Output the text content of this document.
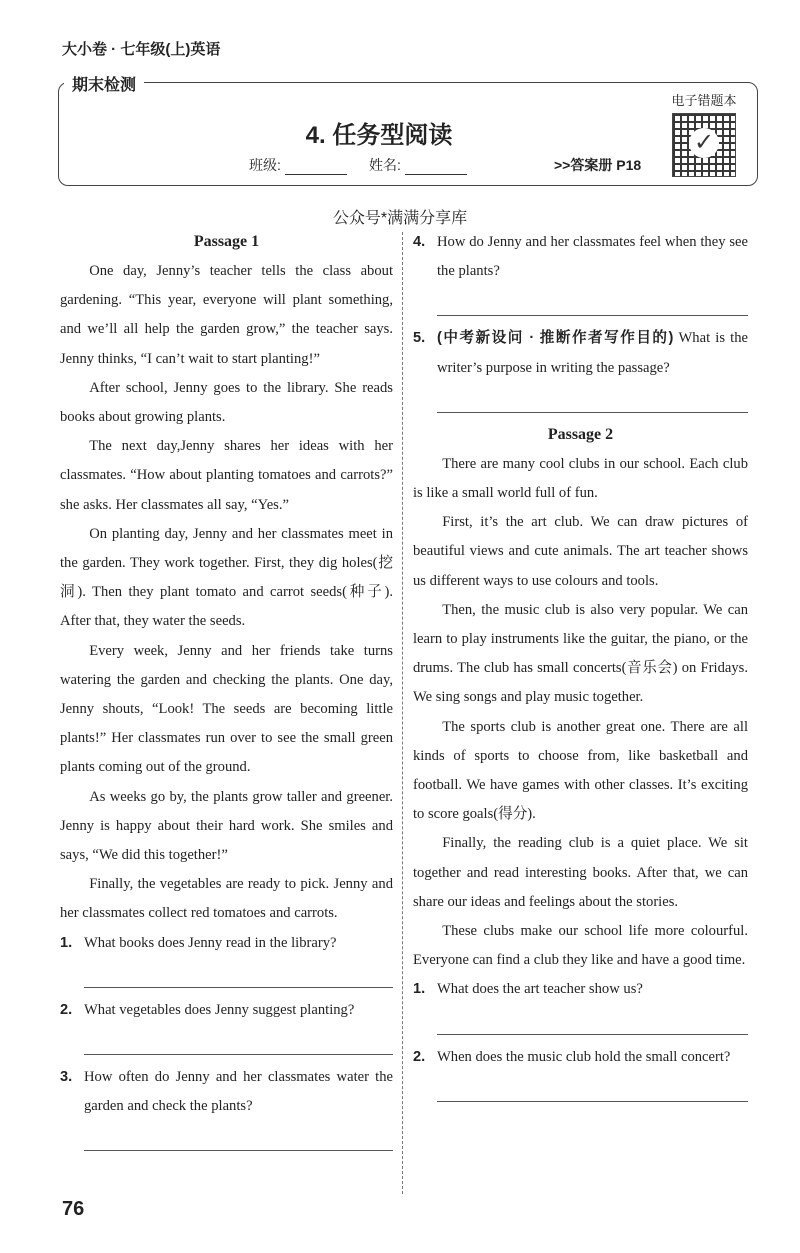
大小卷 · 七年级(上)英语
4. 任务型阅读
班级:	姓名:	>>答案册 P18
期末检测
电子错题本
✓
公众号*满满分享库
Passage 1

One day, Jenny’s teacher tells the class about gardening. “This year, everyone will plant something, and we’ll all help the garden grow,” the teacher says. Jenny thinks, “I can’t wait to start planting!”

After school, Jenny goes to the library. She reads books about growing plants.

The next day,Jenny shares her ideas with her classmates. “How about planting tomatoes and carrots?” she asks. Her classmates all say, “Yes.”

On planting day, Jenny and her classmates meet in the garden. They work together. First, they dig holes(挖洞). Then they plant tomato and carrot seeds(种子). After that, they water the seeds.

Every week, Jenny and her friends take turns watering the garden and checking the plants. One day, Jenny shouts, “Look! The seeds are becoming little plants!” Her classmates run over to see the small green plants coming out of the ground.

As weeks go by, the plants grow taller and greener. Jenny is happy about their hard work. She smiles and says, “We did this together!”

Finally, the vegetables are ready to pick. Jenny and her classmates collect red tomatoes and carrots.

1. What books does Jenny read in the library?
2. What vegetables does Jenny suggest planting?
3. How often do Jenny and her classmates water the garden and check the plants?
4. How do Jenny and her classmates feel when they see the plants?
5. (中考新设问 · 推断作者写作目的) What is the writer’s purpose in writing the passage?
Passage 2

There are many cool clubs in our school. Each club is like a small world full of fun.

First, it’s the art club. We can draw pictures of beautiful views and cute animals. The art teacher shows us different ways to use colours and tools.

Then, the music club is also very popular. We can learn to play instruments like the guitar, the piano, or the drums. The club has small concerts(音乐会) on Fridays. We sing songs and play music together.

The sports club is another great one. There are all kinds of sports to choose from, like basketball and football. We have games with other classes. It’s exciting to score goals(得分).

Finally, the reading club is a quiet place. We sit together and read interesting books. After that, we can share our ideas and feelings about the stories.

These clubs make our school life more colourful. Everyone can find a club they like and have a good time.

1. What does the art teacher show us?
2. When does the music club hold the small concert?
76
